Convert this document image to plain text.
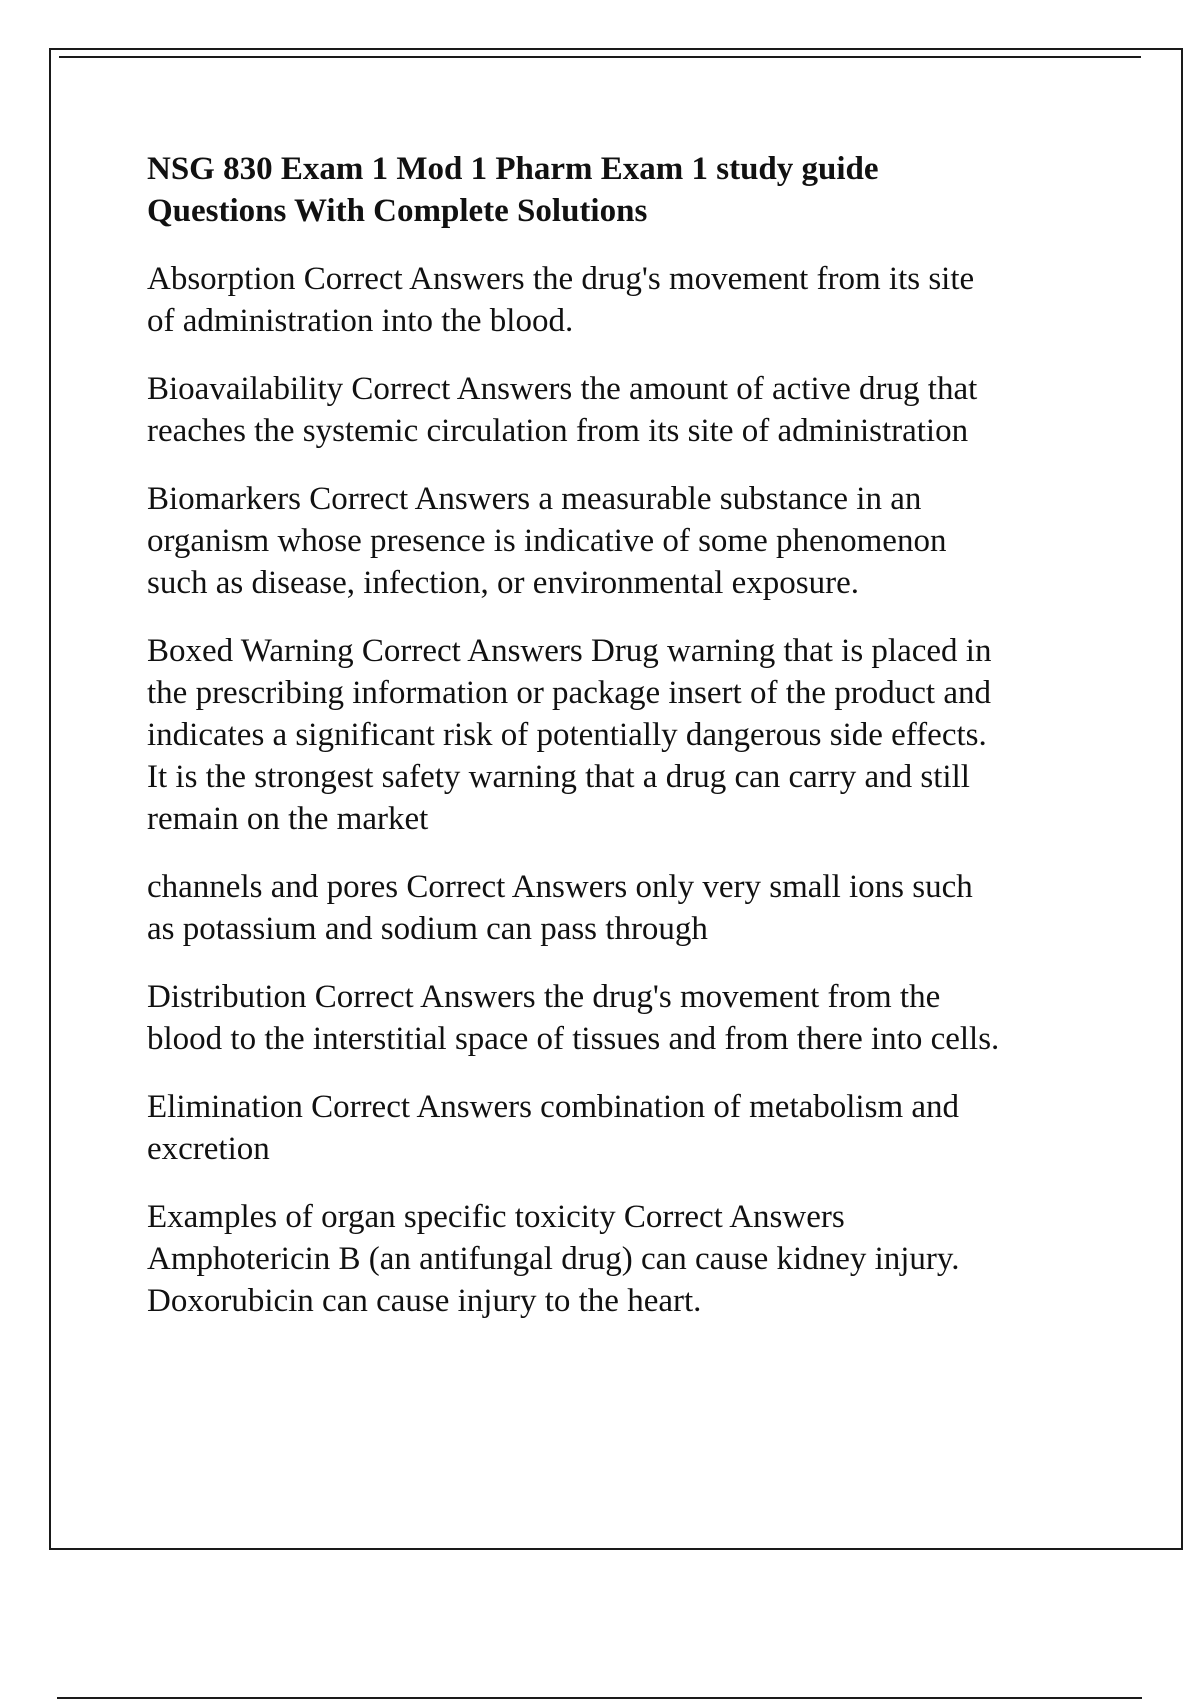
NSG 830 Exam 1 Mod 1 Pharm Exam 1 study guide
Questions With Complete Solutions

Absorption Correct Answers the drug's movement from its site
of administration into the blood.

Bioavailability Correct Answers the amount of active drug that
reaches the systemic circulation from its site of administration

Biomarkers Correct Answers a measurable substance in an
organism whose presence is indicative of some phenomenon
such as disease, infection, or environmental exposure.

Boxed Warning Correct Answers Drug warning that is placed in
the prescribing information or package insert of the product and
indicates a significant risk of potentially dangerous side effects.
It is the strongest safety warning that a drug can carry and still
remain on the market

channels and pores Correct Answers only very small ions such
as potassium and sodium can pass through

Distribution Correct Answers the drug's movement from the
blood to the interstitial space of tissues and from there into cells.

Elimination Correct Answers combination of metabolism and
excretion

Examples of organ specific toxicity Correct Answers
Amphotericin B (an antifungal drug) can cause kidney injury.
Doxorubicin can cause injury to the heart.
